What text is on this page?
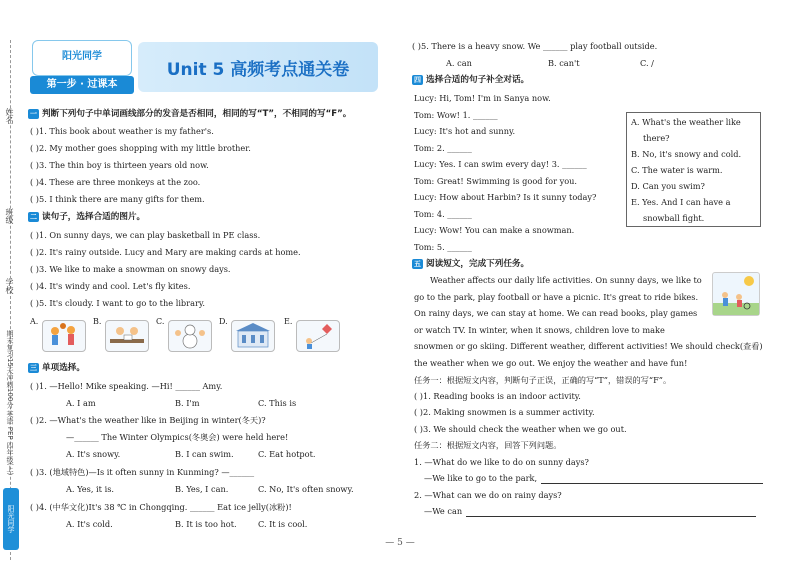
姓名
班级
学校
期末复习15天冲刺100分 英语 PEP 四年级(上)
阳光同学
阳光同学
第一步 · 过课本
Unit 5 高频考点通关卷
一 判断下列句子中单词画线部分的发音是否相同，相同的写“T”，不相同的写“F”。
( )1. This book about weather is my father's.
( )2. My mother goes shopping with my little brother.
( )3. The thin boy is thirteen years old now.
( )4. These are three monkeys at the zoo.
( )5. I think there are many gifts for them.
二 读句子，选择合适的图片。
( )1. On sunny days, we can play basketball in PE class.
( )2. It's rainy outside. Lucy and Mary are making cards at home.
( )3. We like to make a snowman on snowy days.
( )4. It's windy and cool. Let's fly kites.
( )5. It's cloudy. I want to go to the library.
A.	B.	C.	D.	E.
三 单项选择。
( )1. —Hello! Mike speaking. —Hi! ______ Amy.
A. I am	B. I'm	C. This is
( )2. —What's the weather like in Beijing in winter(冬天)?
—______ The Winter Olympics(冬奥会) were held here!
A. It's snowy.	B. I can swim.	C. Eat hotpot.
( )3. (地域特色)—Is it often sunny in Kunming? —______
A. Yes, it is.	B. Yes, I can.	C. No, It's often snowy.
( )4. (中华文化)It's 38 ℃ in Chongqing. ______ Eat ice jelly(冰粉)!
A. It's cold.	B. It is too hot.	C. It is cool.
( )5. There is a heavy snow. We ______ play football outside.
A. can	B. can't	C. /
四 选择合适的句子补全对话。
Lucy: Hi, Tom! I'm in Sanya now.
Tom: Wow! 1. ______
Lucy: It's hot and sunny.
Tom: 2. ______
Lucy: Yes. I can swim every day! 3. ______
Tom: Great! Swimming is good for you.
Lucy: How about Harbin? Is it sunny today?
Tom: 4. ______
Lucy: Wow! You can make a snowman.
Tom: 5. ______
A. What's the weather like
there?
B. No, it's snowy and cold.
C. The water is warm.
D. Can you swim?
E. Yes. And I can have a
snowball fight.
五 阅读短文，完成下列任务。
Weather affects our daily life activities. On sunny days, we like to
go to the park, play football or have a picnic. It's great to ride bikes.
On rainy days, we can stay at home. We can read books, play games
or watch TV. In winter, when it snows, children love to make
snowmen or go skiing. Different weather, different activities! We should check(查看)
the weather when we go out. We enjoy the weather and have fun!
任务一：根据短文内容，判断句子正误，正确的写“T”，错误的写“F”。
( )1. Reading books is an indoor activity.
( )2. Making snowmen is a summer activity.
( )3. We should check the weather when we go out.
任务二：根据短文内容，回答下列问题。
1. —What do we like to do on sunny days?
—We like to go to the park,
2. —What can we do on rainy days?
—We can
— 5 —
